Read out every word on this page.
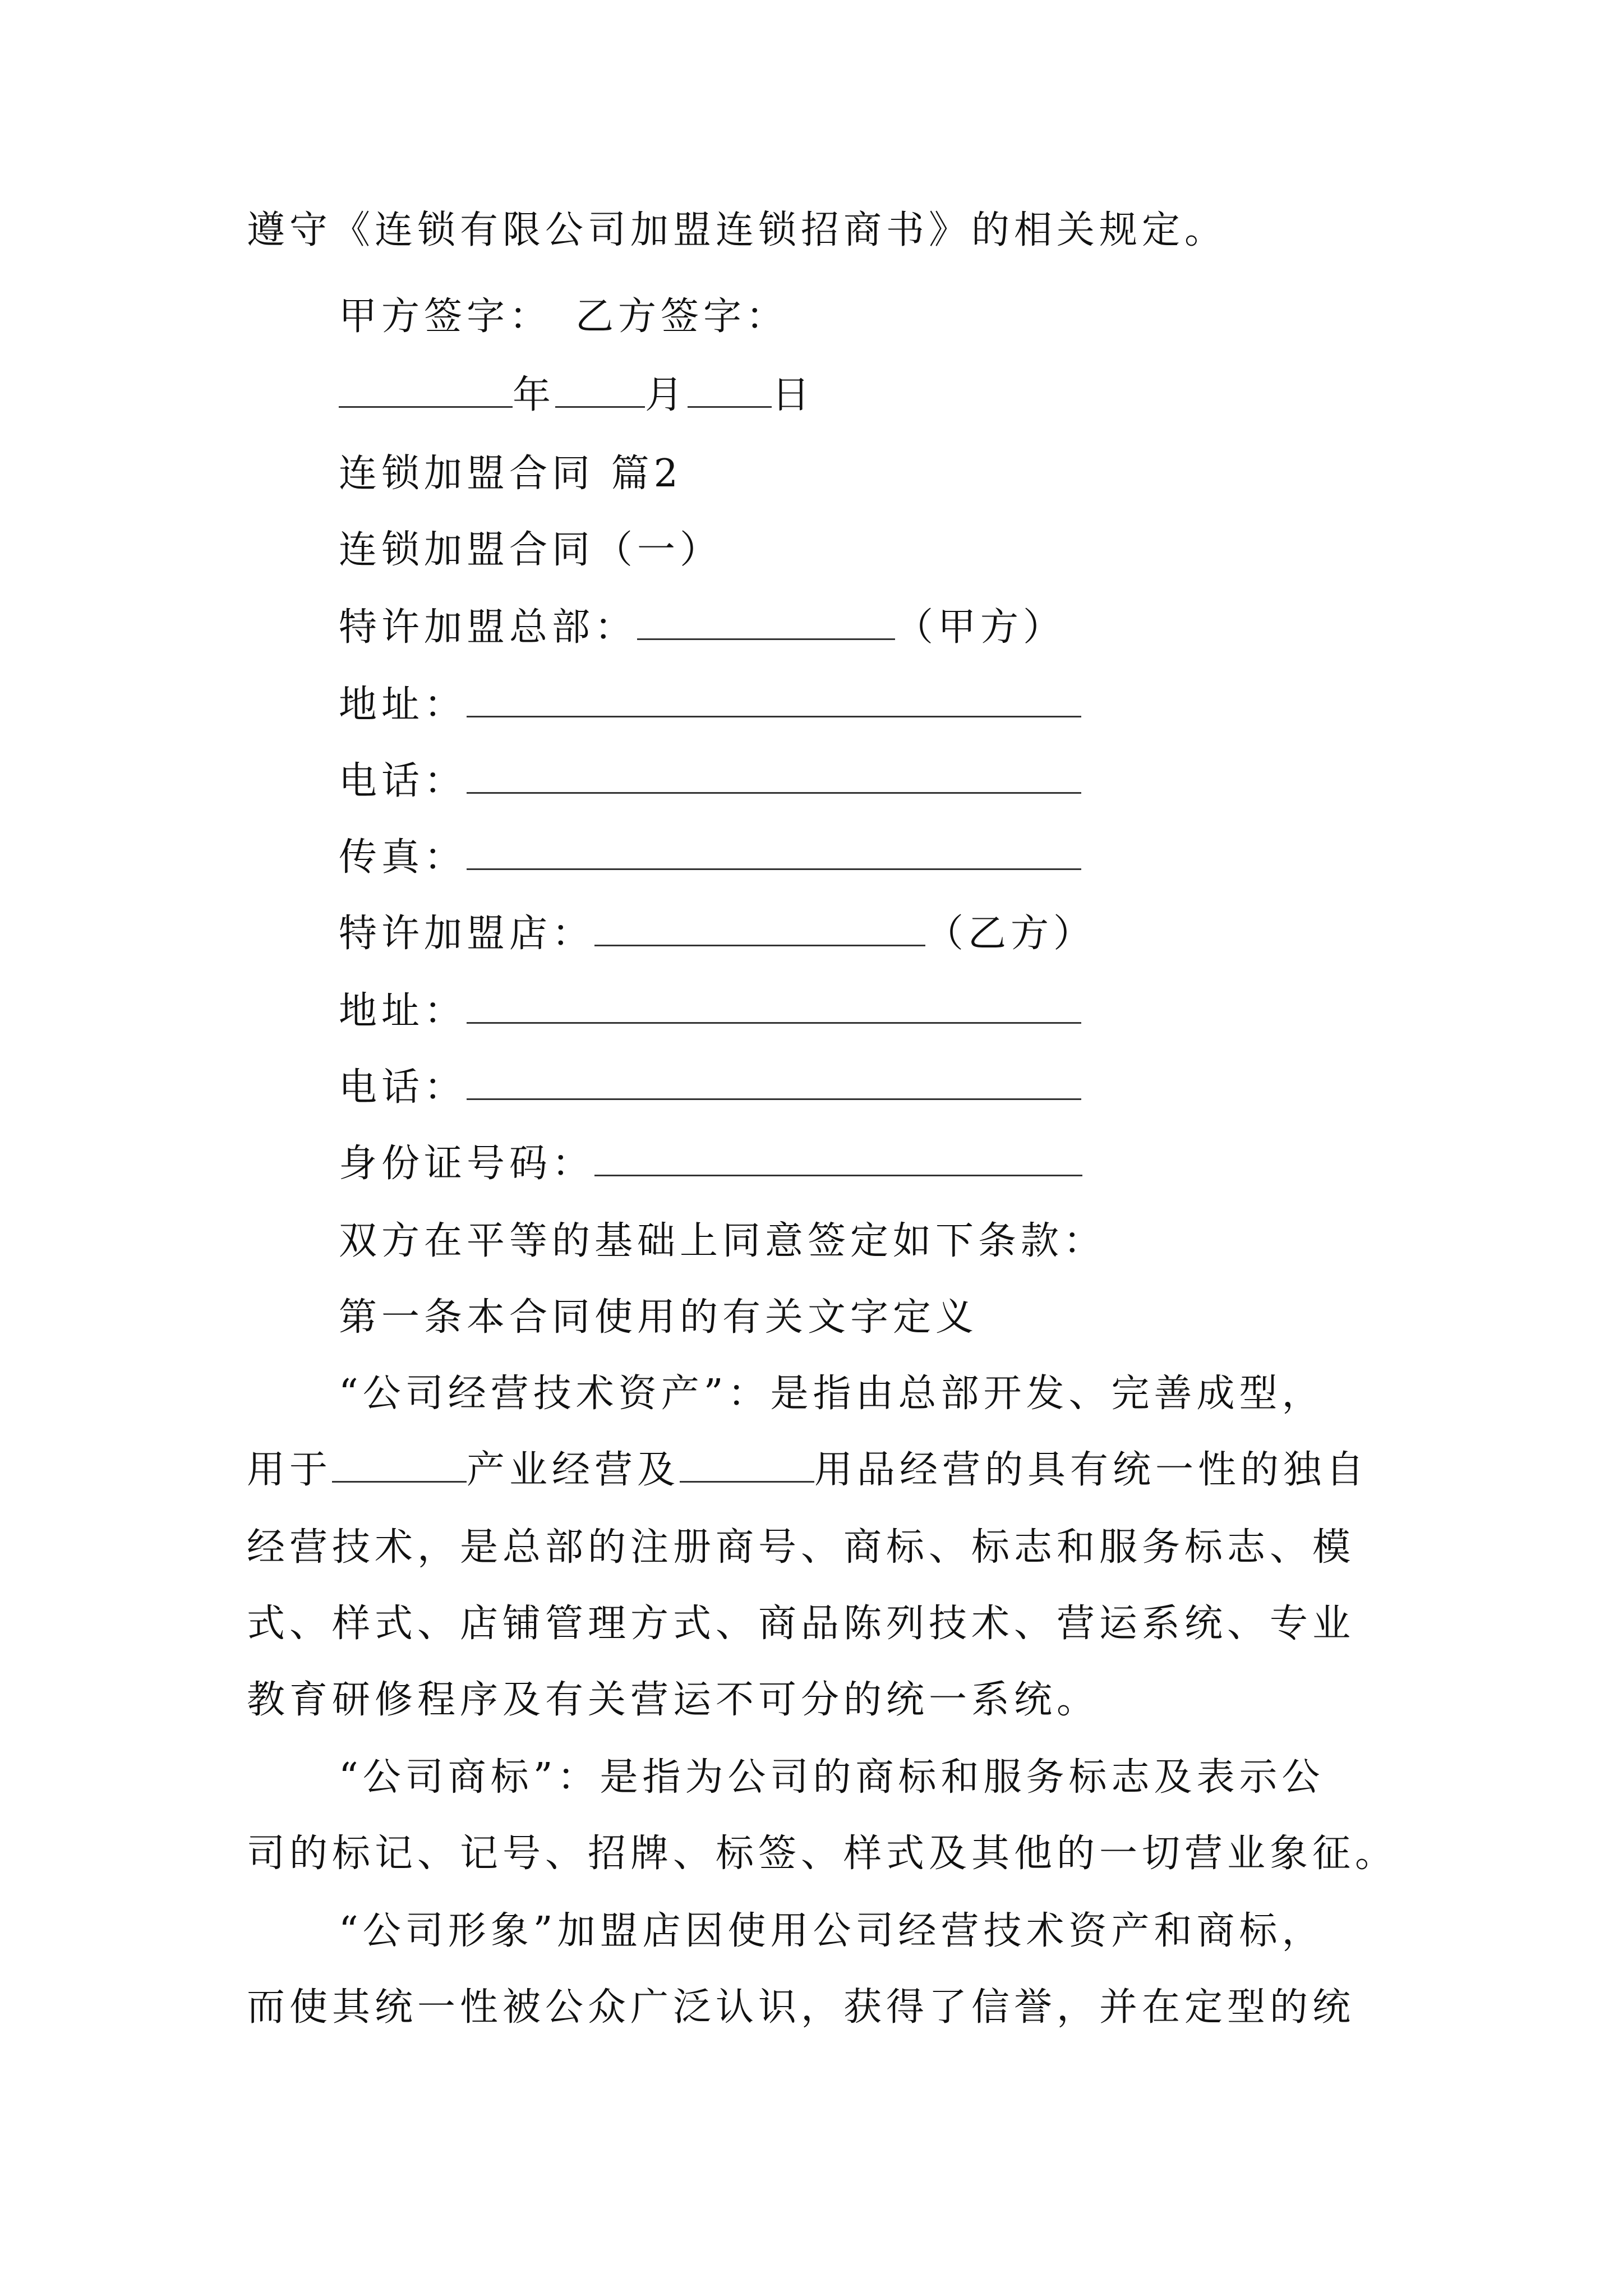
遵守《连锁有限公司加盟连锁招商书》的相关规定。
甲方签字：　乙方签字：
年 月 日
连锁加盟合同 篇2
连锁加盟合同（一）
特许加盟总部：	（甲方）
地址：
电话：
传真：
特许加盟店：	（乙方）
地址：
电话：
身份证号码：
双方在平等的基础上同意签定如下条款：
第一条本合同使用的有关文字定义
“公司经营技术资产”：是指由总部开发、完善成型，
用于	产业经营及	用品经营的具有统一性的独自
经营技术，是总部的注册商号、商标、标志和服务标志、模
式、样式、店铺管理方式、商品陈列技术、营运系统、专业
教育研修程序及有关营运不可分的统一系统。
“公司商标”：是指为公司的商标和服务标志及表示公
司的标记、记号、招牌、标签、样式及其他的一切营业象征。
“公司形象”加盟店因使用公司经营技术资产和商标，
而使其统一性被公众广泛认识，获得了信誉，并在定型的统
